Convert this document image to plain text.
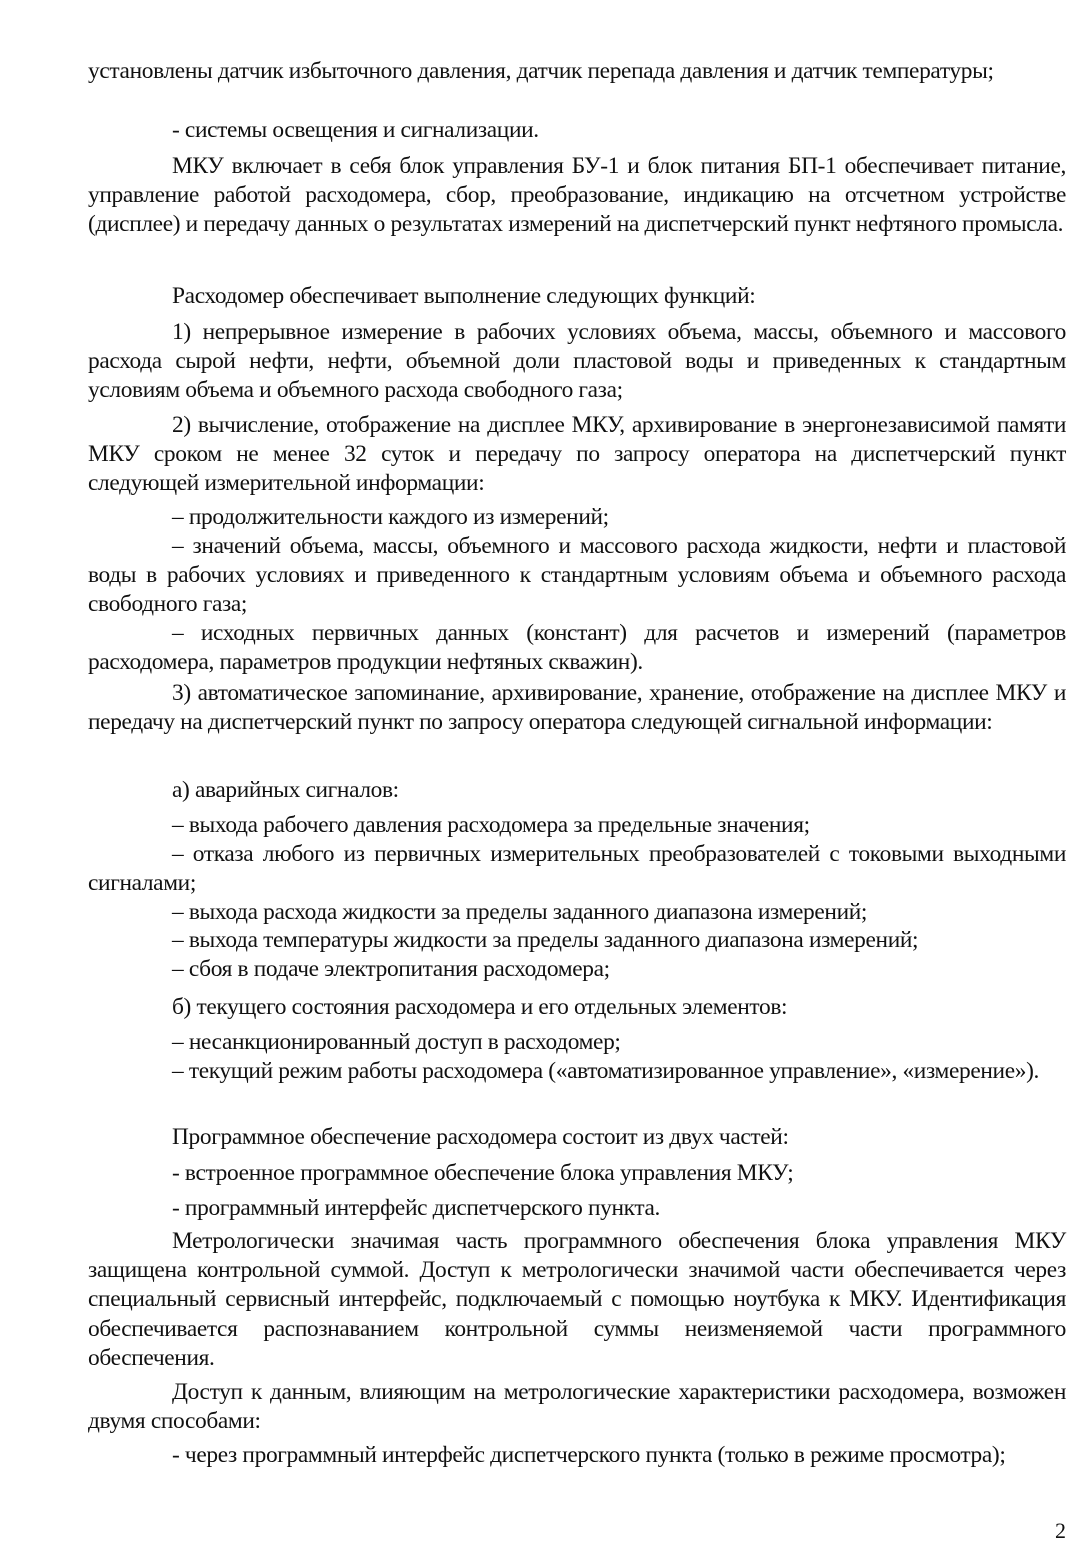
установлены датчик избыточного давления, датчик перепада давления и датчик температуры;
- системы освещения и сигнализации.
МКУ включает в себя блок управления БУ-1 и блок питания БП-1 обеспечивает питание, управление работой расходомера, сбор, преобразование, индикацию на отсчетном устройстве (дисплее) и передачу данных о результатах измерений на диспетчерский пункт нефтяного промысла.
Расходомер обеспечивает выполнение следующих функций:
1) непрерывное измерение в рабочих условиях объема, массы, объемного и массового расхода сырой нефти, нефти, объемной доли пластовой воды и приведенных к стандартным условиям объема и объемного расхода свободного газа;
2) вычисление, отображение на дисплее МКУ, архивирование в энергонезависимой памяти МКУ сроком не менее 32 суток и передачу по запросу оператора на диспетчерский пункт следующей измерительной информации:
– продолжительности каждого из измерений;
– значений объема, массы, объемного и массового расхода жидкости, нефти и пластовой воды в рабочих условиях и приведенного к стандартным условиям объема и объемного расхода свободного газа;
– исходных первичных данных (констант) для расчетов и измерений (параметров расходомера, параметров продукции нефтяных скважин).
3) автоматическое запоминание, архивирование, хранение, отображение на дисплее МКУ и передачу на диспетчерский пункт по запросу оператора следующей сигнальной информации:
а) аварийных сигналов:
– выхода рабочего давления расходомера за предельные значения;
– отказа любого из первичных измерительных преобразователей с токовыми выходными сигналами;
– выхода расхода жидкости за пределы заданного диапазона измерений;
– выхода температуры жидкости за пределы заданного диапазона измерений;
– сбоя в подаче электропитания расходомера;
б) текущего состояния расходомера и его отдельных элементов:
– несанкционированный доступ в расходомер;
– текущий режим работы расходомера («автоматизированное управление», «измерение»).
Программное обеспечение расходомера состоит из двух частей:
- встроенное программное обеспечение блока управления МКУ;
- программный интерфейс диспетчерского пункта.
Метрологически значимая часть программного обеспечения блока управления МКУ защищена контрольной суммой. Доступ к метрологически значимой части обеспечивается через специальный сервисный интерфейс, подключаемый с помощью ноутбука к МКУ. Идентификация обеспечивается распознаванием контрольной суммы неизменяемой части программного обеспечения.
Доступ к данным, влияющим на метрологические характеристики расходомера, возможен двумя способами:
- через программный интерфейс диспетчерского пункта (только в режиме просмотра);
2
